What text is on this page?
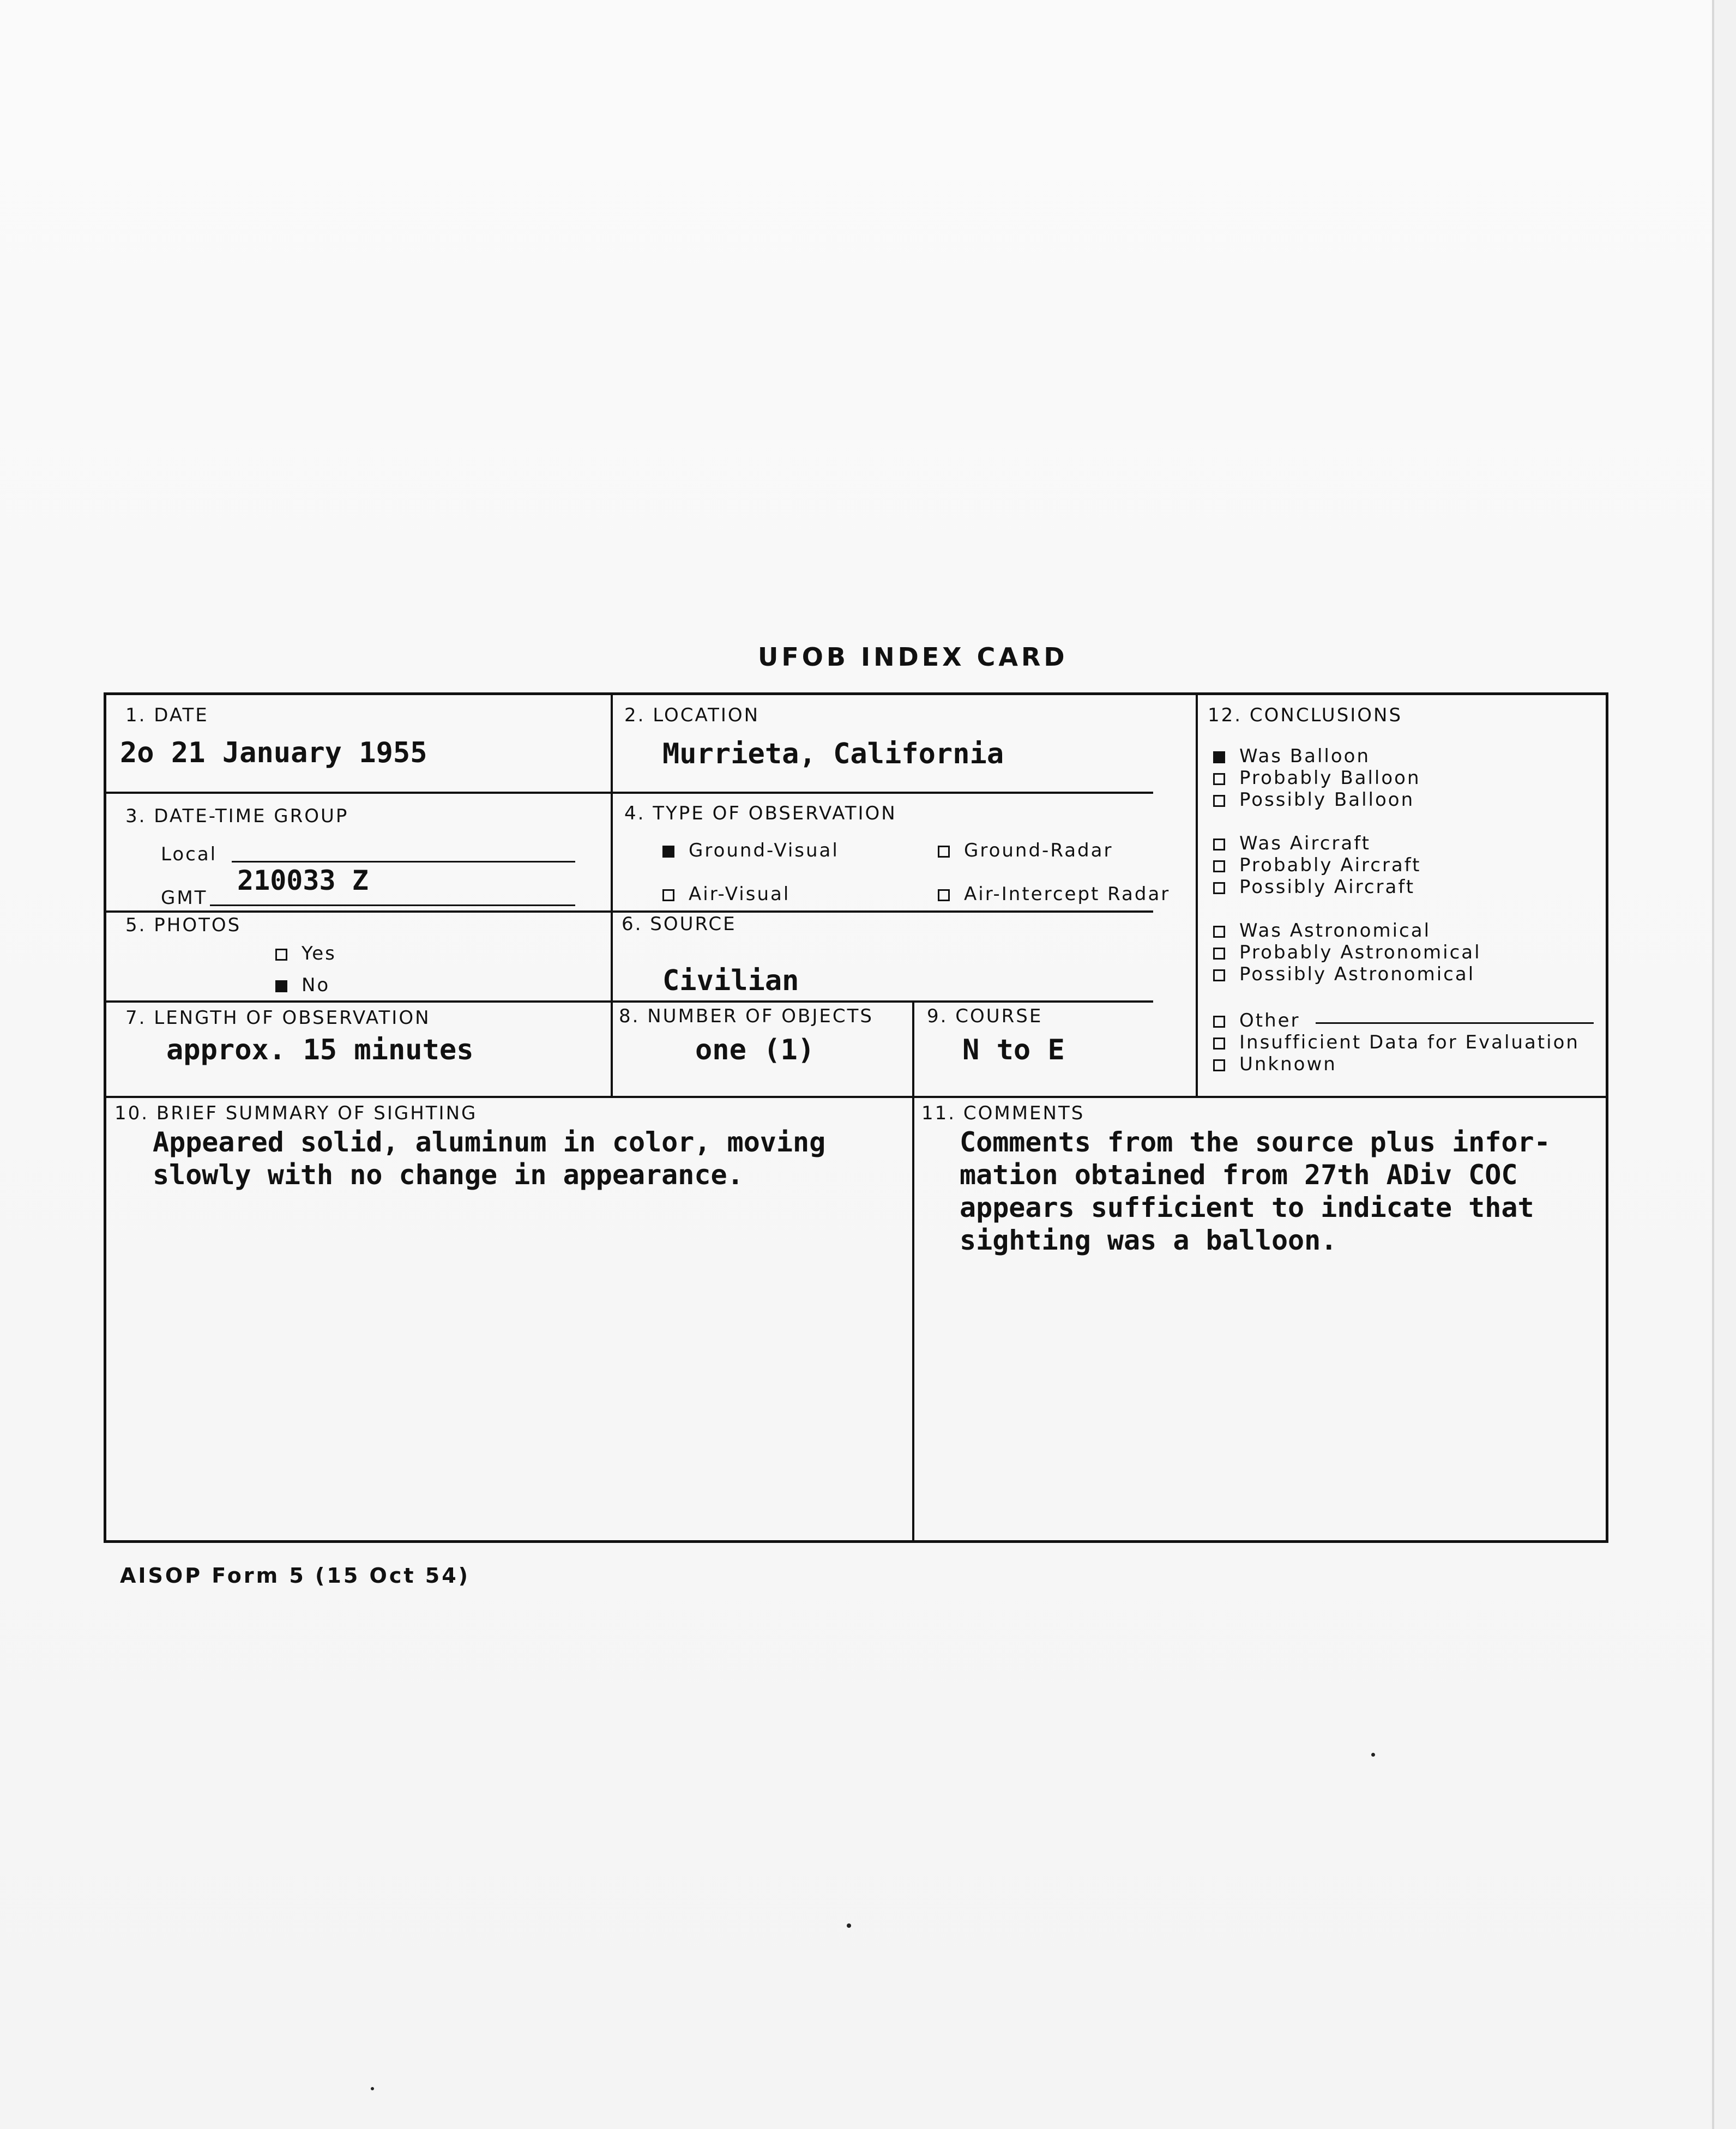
UFOB INDEX CARD
1. DATE
2o 21 January 1955
2. LOCATION
Murrieta, California
3. DATE-TIME GROUP
Local
GMT
210033 Z
4. TYPE OF OBSERVATION
Ground-Visual	Ground-Radar
Air-Visual	Air-Intercept Radar
5. PHOTOS
Yes
No
6. SOURCE
Civilian
7. LENGTH OF OBSERVATION
approx. 15 minutes
8. NUMBER OF OBJECTS
one (1)
9. COURSE
N to E
12. CONCLUSIONS
10. BRIEF SUMMARY OF SIGHTING
Appeared solid, aluminum in color, moving
slowly with no change in appearance.
11. COMMENTS
Comments from the source plus infor-
mation obtained from 27th ADiv COC
appears sufficient to indicate that
sighting was a balloon.
Was Balloon
Probably Balloon
Possibly Balloon
Was Aircraft
Probably Aircraft
Possibly Aircraft
Was Astronomical
Probably Astronomical
Possibly Astronomical
Other
Insufficient Data for Evaluation
Unknown
AISOP Form 5 (15 Oct 54)
